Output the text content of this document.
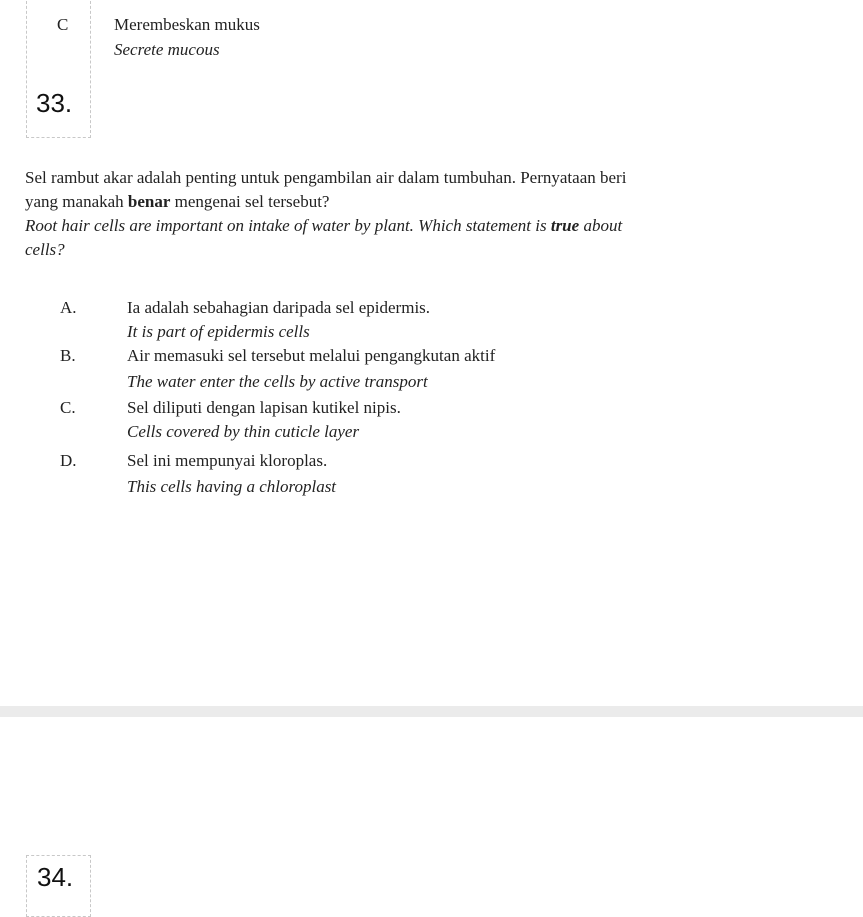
C	Merembeskan mukus
Secrete mucous
33.
Sel rambut akar adalah penting untuk pengambilan air dalam tumbuhan. Pernyataan beri
yang manakah benar mengenai sel tersebut?
Root hair cells are important on intake of water by plant. Which statement is true about
cells?
A.	Ia adalah sebahagian daripada sel epidermis.
It is part of epidermis cells
B.	Air memasuki sel tersebut melalui pengangkutan aktif
The water enter the cells by active transport
C.	Sel diliputi dengan lapisan kutikel nipis.
Cells covered by thin cuticle layer
D.	Sel ini mempunyai kloroplas.
This cells having a chloroplast
34.
